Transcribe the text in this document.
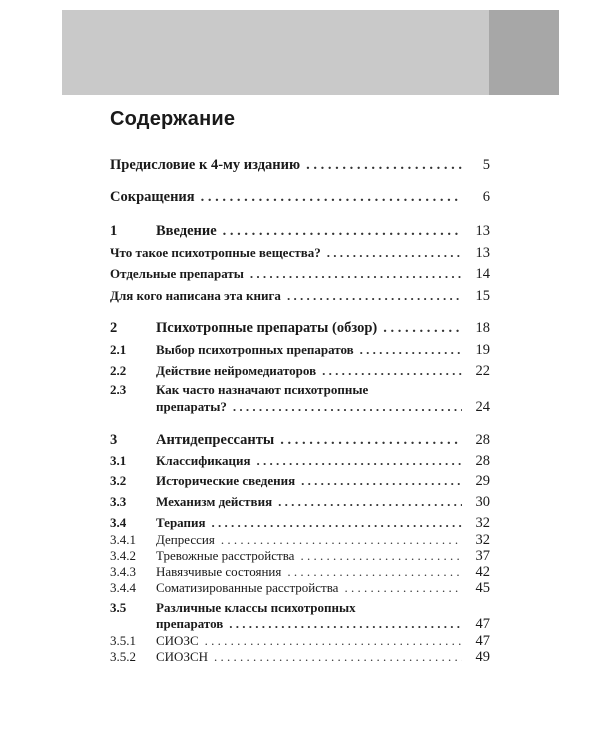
Содержание
Предисловие к 4-му изданию . . .	5
Сокращения . . .	6
1	Введение . . .	13
Что такое психотропные вещества? . . .	13
Отдельные препараты . . .	14
Для кого написана эта книга . . .	15
2	Психотропные препараты (обзор) . . .	18
2.1	Выбор психотропных препаратов . . .	19
2.2	Действие нейромедиаторов . . .	22
2.3	Как часто назначают психотропные
препараты? . . .	24
3	Антидепрессанты . . .	28
3.1	Классификация . . .	28
3.2	Исторические сведения . . .	29
3.3	Механизм действия . . .	30
3.4	Терапия . . .	32
3.4.1	Депрессия . . .	32
3.4.2	Тревожные расстройства . . .	37
3.4.3	Навязчивые состояния . . .	42
3.4.4	Соматизированные расстройства . . .	45
3.5	Различные классы психотропных
препаратов . . .	47
3.5.1	СИОЗС . . .	47
3.5.2	СИОЗСН . . .	49
